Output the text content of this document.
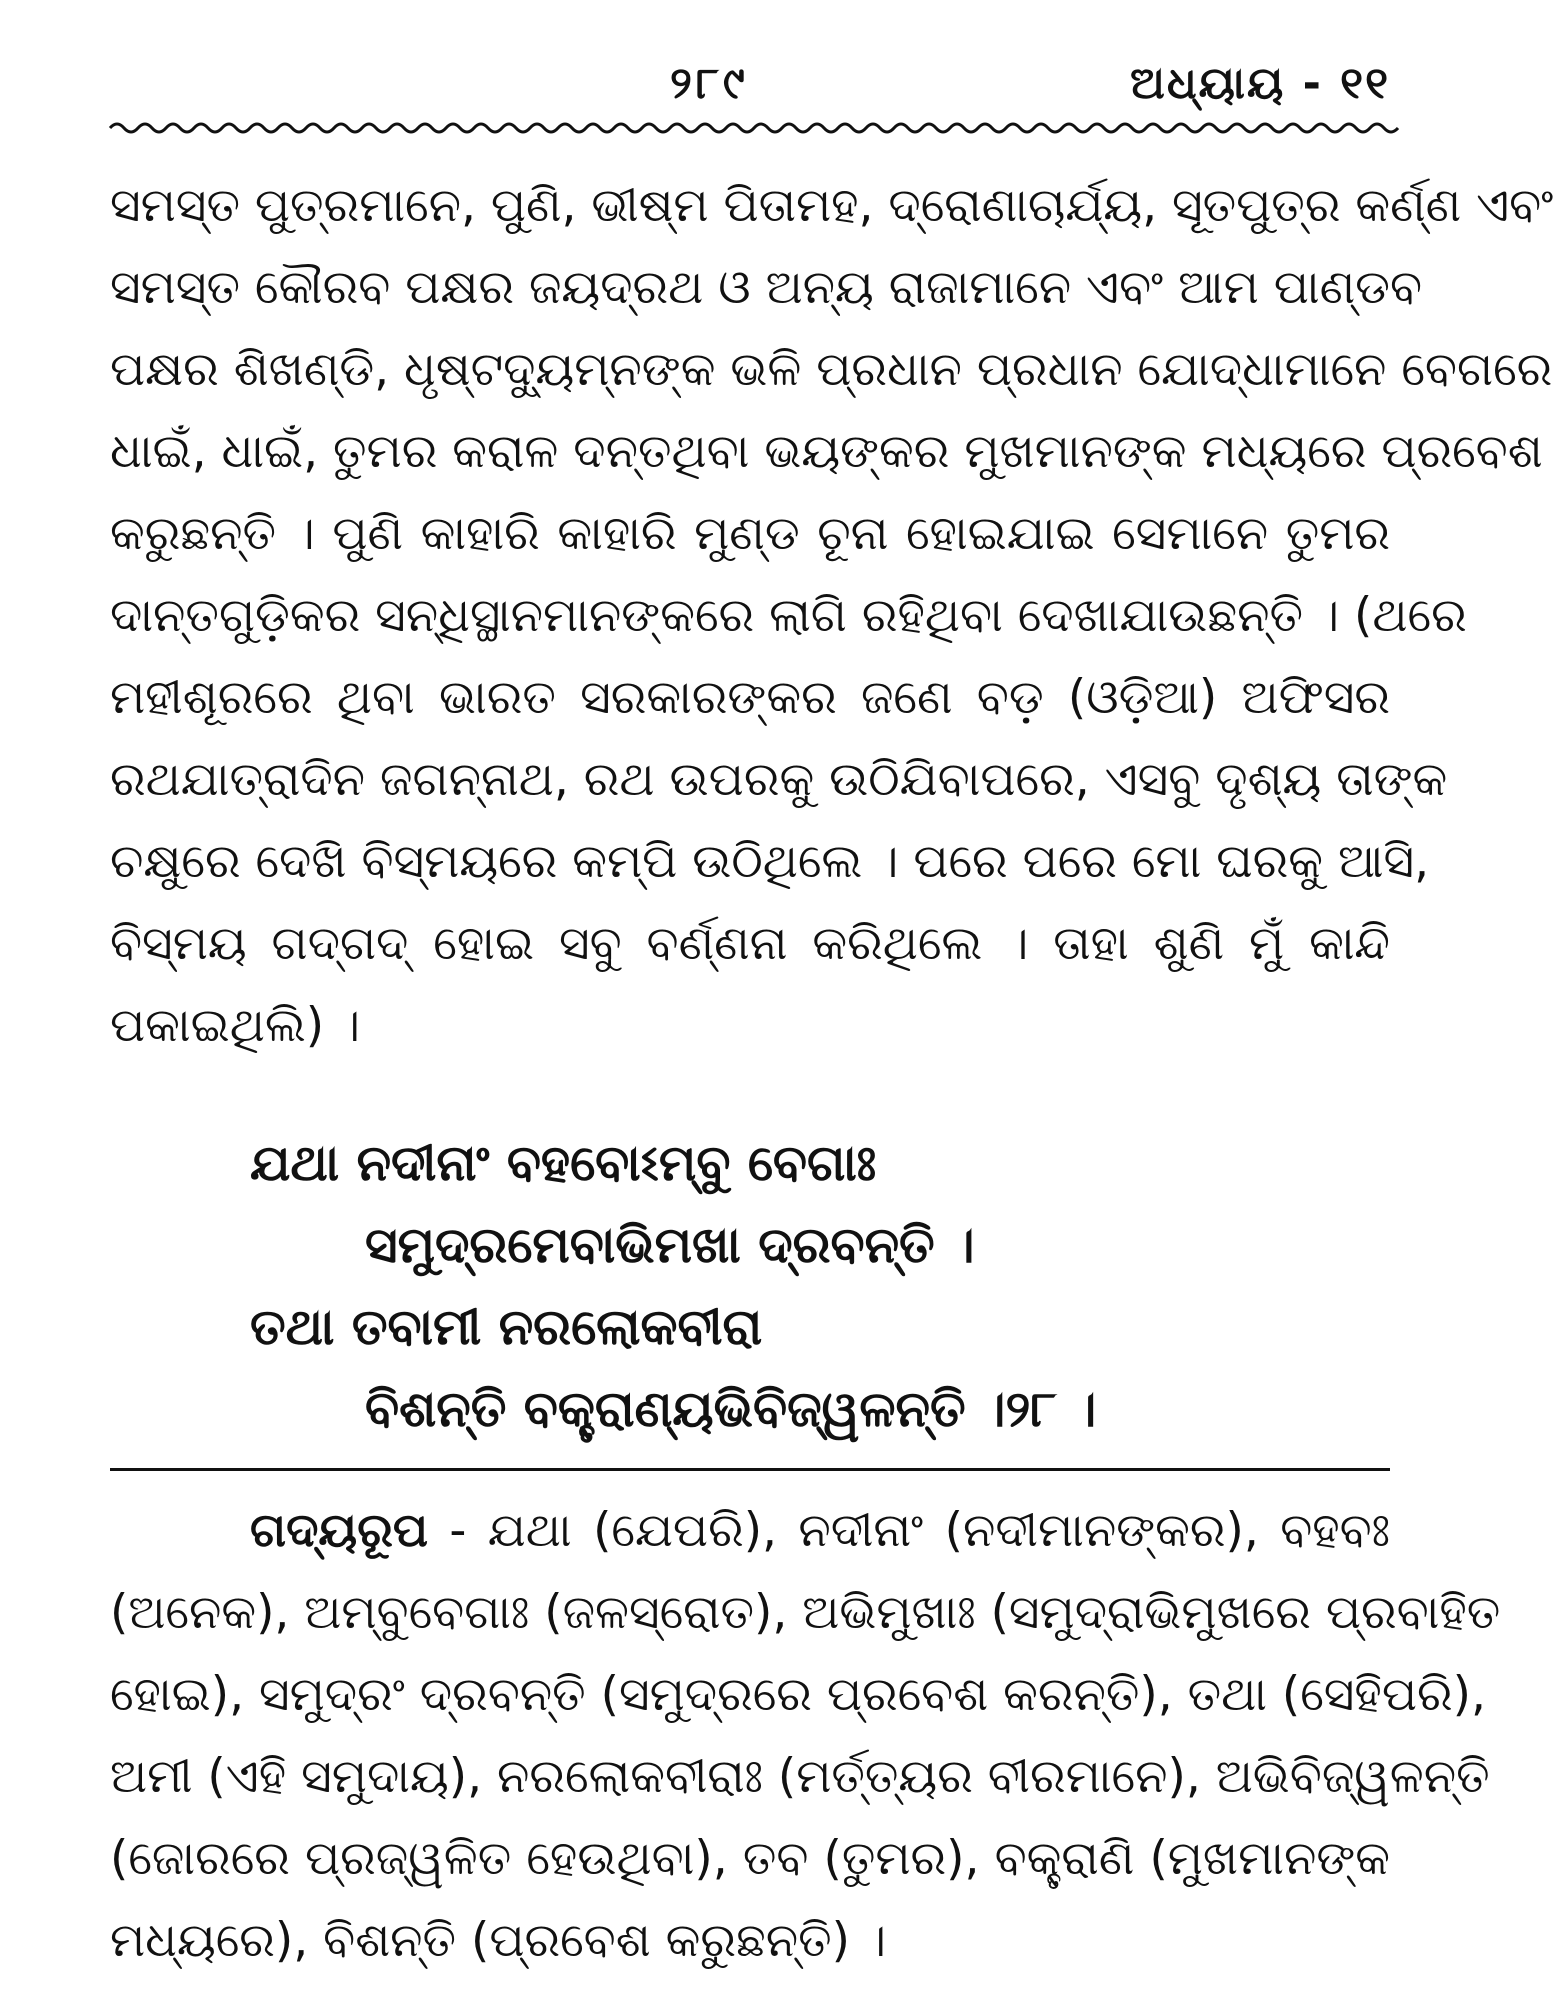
୨୮୯	ଅଧ୍ୟାୟ - ୧୧
ସମସ୍ତ ପୁତ୍ରମାନେ, ପୁଣି, ଭୀଷ୍ମ ପିତାମହ, ଦ୍ରୋଣାଚାର୍ଯ୍ୟ, ସୂତପୁତ୍ର କର୍ଣ୍ଣ ଏବଂ
ସମସ୍ତ କୌରବ ପକ୍ଷର ଜୟଦ୍ରଥ ଓ ଅନ୍ୟ ରାଜାମାନେ ଏବଂ ଆମ ପାଣ୍ଡବ
ପକ୍ଷର ଶିଖଣ୍ଡି, ଧୃଷ୍ଟଦ୍ୟୁମ୍ନଙ୍କ ଭଳି ପ୍ରଧାନ ପ୍ରଧାନ ଯୋଦ୍ଧାମାନେ ବେଗରେ
ଧାଇଁ, ଧାଇଁ, ତୁମର କରାଳ ଦନ୍ତଥିବା ଭୟଙ୍କର ମୁଖମାନଙ୍କ ମଧ୍ୟରେ ପ୍ରବେଶ
କରୁଛନ୍ତି । ପୁଣି କାହାରି କାହାରି ମୁଣ୍ଡ ଚୂନା ହୋଇଯାଇ ସେମାନେ ତୁମର
ଦାନ୍ତଗୁଡ଼ିକର ସନ୍ଧିସ୍ଥାନମାନଙ୍କରେ ଲାଗି ରହିଥିବା ଦେଖାଯାଉଛନ୍ତି । (ଥରେ
ମହୀଶୂରରେ ଥିବା ଭାରତ ସରକାରଙ୍କର ଜଣେ ବଡ଼ (ଓଡ଼ିଆ) ଅଫିସର
ରଥଯାତ୍ରାଦିନ ଜଗନ୍ନାଥ, ରଥ ଉପରକୁ ଉଠିଯିବାପରେ, ଏସବୁ ଦୃଶ୍ୟ ତାଙ୍କ
ଚକ୍ଷୁରେ ଦେଖି ବିସ୍ମୟରେ କମ୍ପି ଉଠିଥିଲେ । ପରେ ପରେ ମୋ ଘରକୁ ଆସି,
ବିସ୍ମୟ ଗଦ୍‌ଗଦ୍ ହୋଇ ସବୁ ବର୍ଣ୍ଣନା କରିଥିଲେ । ତାହା ଶୁଣି ମୁଁ କାନ୍ଦି
ପକାଇଥିଲି) ।
ଯଥା ନଦୀନାଂ ବହବୋଽମ୍ବୁ ବେଗାଃ
ସମୁଦ୍ରମେବାଭିମଖା ଦ୍ରବନ୍ତି ।
ତଥା ତବାମୀ ନରଲୋକବୀରା
ବିଶନ୍ତି ବକ୍ତ୍ରାଣ୍ୟଭିବିଜ୍ୱଳନ୍ତି ।୨୮ ।
ଗଦ୍ୟରୂପ - ଯଥା (ଯେପରି), ନଦୀନାଂ (ନଦୀମାନଙ୍କର), ବହବଃ
(ଅନେକ), ଅମ୍ବୁବେଗାଃ (ଜଳସ୍ରୋତ), ଅଭିମୁଖାଃ (ସମୁଦ୍ରାଭିମୁଖରେ ପ୍ରବାହିତ
ହୋଇ), ସମୁଦ୍ରଂ ଦ୍ରବନ୍ତି (ସମୁଦ୍ରରେ ପ୍ରବେଶ କରନ୍ତି), ତଥା (ସେହିପରି),
ଅମୀ (ଏହି ସମୁଦାୟ), ନରଲୋକବୀରାଃ (ମର୍ତ୍ତ୍ୟର ବୀରମାନେ), ଅଭିବିଜ୍ୱଳନ୍ତି
(ଜୋରରେ ପ୍ରଜ୍ୱଳିତ ହେଉଥିବା), ତବ (ତୁମର), ବକ୍ତ୍ରାଣି (ମୁଖମାନଙ୍କ
ମଧ୍ୟରେ), ବିଶନ୍ତି (ପ୍ରବେଶ କରୁଛନ୍ତି) ।
